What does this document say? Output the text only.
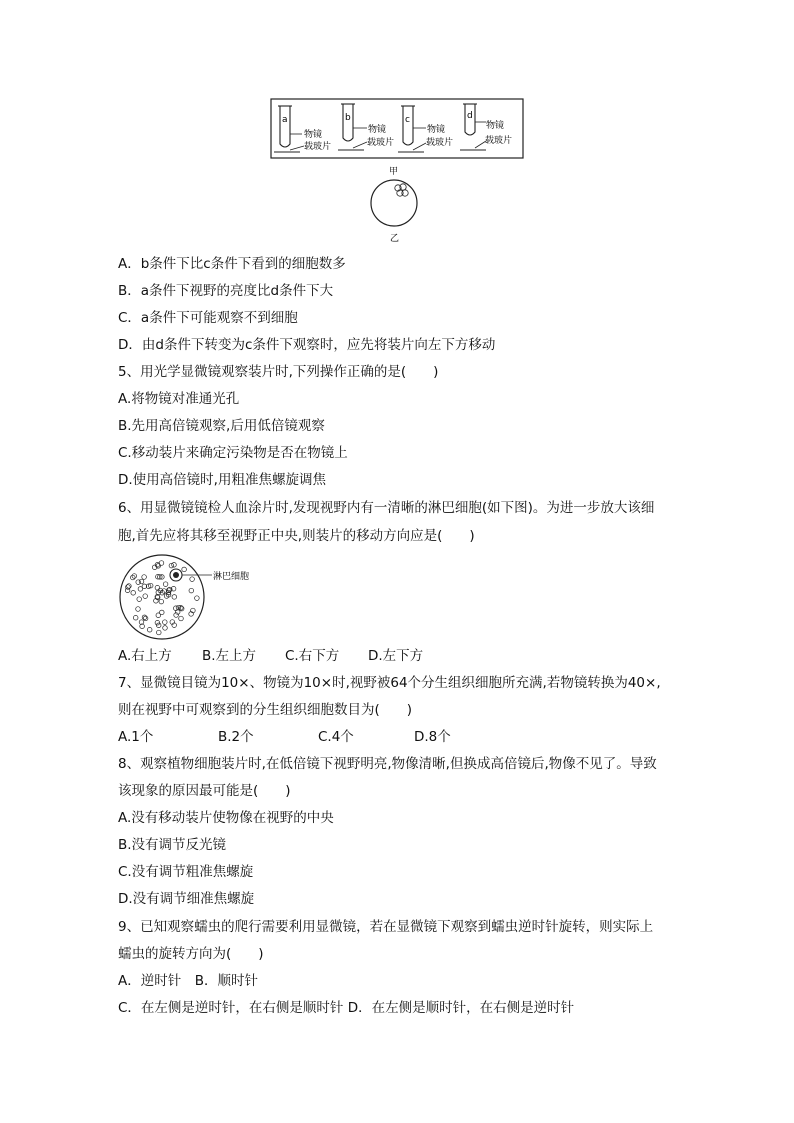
a
物镜
载玻片
b
物镜
载玻片
c
物镜
载玻片
d
物镜
载玻片
甲
乙
A．b条件下比c条件下看到的细胞数多
B．a条件下视野的亮度比d条件下大
C．a条件下可能观察不到细胞
D．由d条件下转变为c条件下观察时，应先将装片向左下方移动
5、用光学显微镜观察装片时,下列操作正确的是(　　)
A.将物镜对准通光孔
B.先用高倍镜观察,后用低倍镜观察
C.移动装片来确定污染物是否在物镜上
D.使用高倍镜时,用粗准焦螺旋调焦
6、用显微镜镜检人血涂片时,发现视野内有一清晰的淋巴细胞(如下图)。为进一步放大该细
胞,首先应将其移至视野正中央,则装片的移动方向应是(　　)
淋巴细胞
A.右上方 B.左上方 C.右下方 D.左下方
7、显微镜目镜为10×、物镜为10×时,视野被64个分生组织细胞所充满,若物镜转换为40×,
则在视野中可观察到的分生组织细胞数目为(　　)
A.1个	B.2个	C.4个	D.8个
8、观察植物细胞装片时,在低倍镜下视野明亮,物像清晰,但换成高倍镜后,物像不见了。导致
该现象的原因最可能是(　　)
A.没有移动装片使物像在视野的中央
B.没有调节反光镜
C.没有调节粗准焦螺旋
D.没有调节细准焦螺旋
9、已知观察蠕虫的爬行需要利用显微镜，若在显微镜下观察到蠕虫逆时针旋转，则实际上
蠕虫的旋转方向为(　　)
A．逆时针　B．顺时针
C．在左侧是逆时针，在右侧是顺时针 D．在左侧是顺时针，在右侧是逆时针
